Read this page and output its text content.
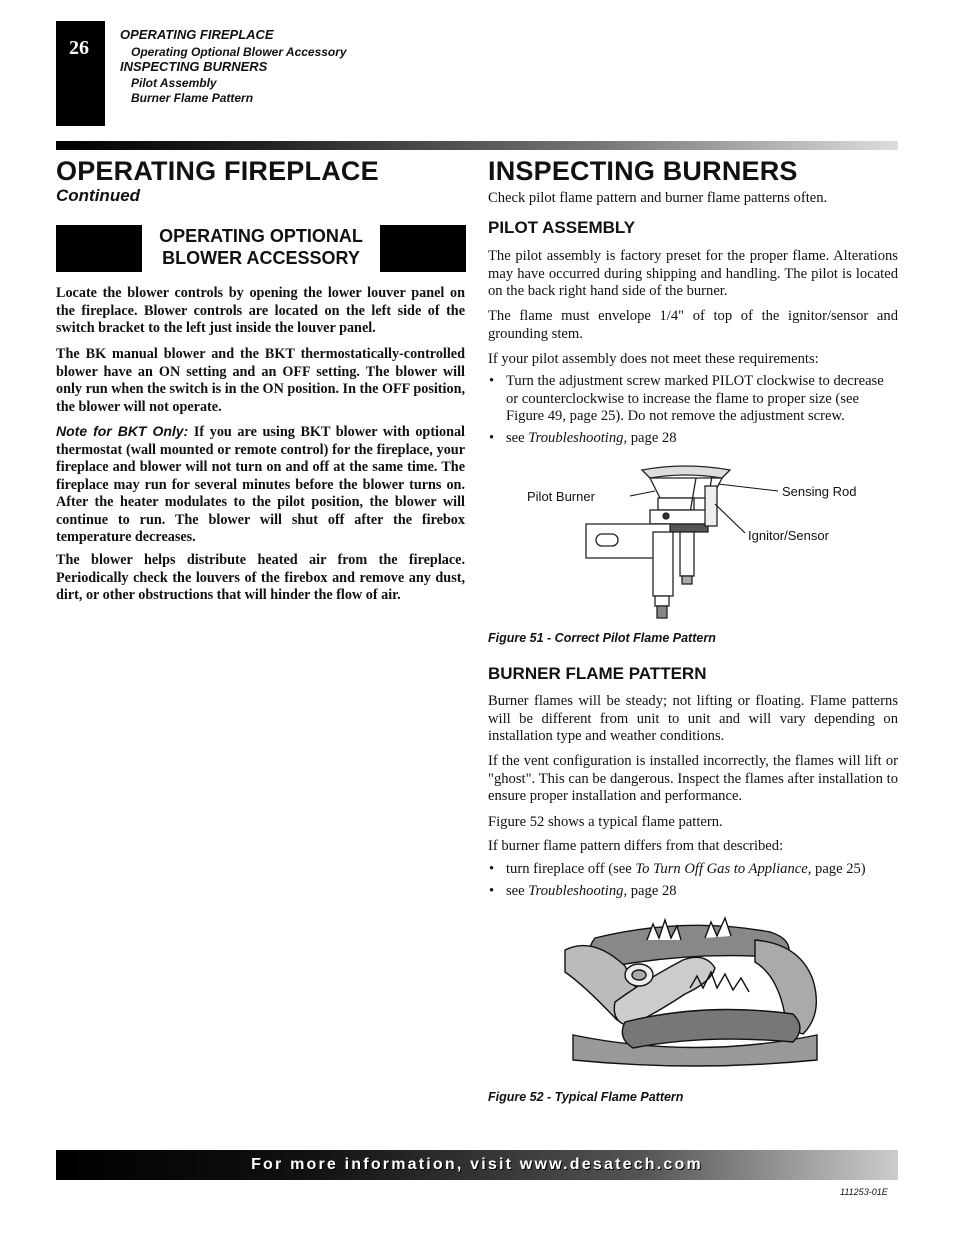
26
OPERATING FIREPLACE
Operating Optional Blower Accessory
INSPECTING BURNERS
Pilot Assembly
Burner Flame Pattern
OPERATING FIREPLACE
Continued
OPERATING OPTIONAL
BLOWER ACCESSORY

Locate the blower controls by opening the lower louver panel on the fireplace. Blower controls are located on the left side of the switch bracket to the left just inside the louver panel.

The BK manual blower and the BKT thermostatically-controlled blower have an ON setting and an OFF setting. The blower will only run when the switch is in the ON position. In the OFF position, the blower will not operate.

Note for BKT Only: If you are using BKT blower with optional thermostat (wall mounted or remote control) for the fireplace, your fireplace and blower will not turn on and off at the same time. The fireplace may run for several minutes before the blower turns on. After the heater modulates to the pilot position, the blower will continue to run. The blower will shut off after the firebox temperature decreases.

The blower helps distribute heated air from the fireplace. Periodically check the louvers of the firebox and remove any dust, dirt, or other obstructions that will hinder the flow of air.

INSPECTING BURNERS

Check pilot flame pattern and burner flame patterns often.

PILOT ASSEMBLY

The pilot assembly is factory preset for the proper flame. Alterations may have occurred during shipping and handling. The pilot is located on the back right hand side of the burner.

The flame must envelope 1/4" of top of the ignitor/sensor and grounding stem.

If your pilot assembly does not meet these requirements:

• Turn the adjustment screw marked PILOT clockwise to decrease or counterclockwise to increase the flame to proper size (see Figure 49, page 25). Do not remove the adjustment screw.

• see Troubleshooting, page 28

Pilot Burner	Sensing Rod
Ignitor/Sensor
Figure 51 - Correct Pilot Flame Pattern
BURNER FLAME PATTERN

Burner flames will be steady; not lifting or floating. Flame patterns will be different from unit to unit and will vary depending on installation type and weather conditions.

If the vent configuration is installed incorrectly, the flames will lift or "ghost". This can be dangerous. Inspect the flames after installation to ensure proper installation and performance.

Figure 52 shows a typical flame pattern.

If burner flame pattern differs from that described:

• turn fireplace off (see To Turn Off Gas to Appliance, page 25)

• see Troubleshooting, page 28

Figure 52 - Typical Flame Pattern
For more information, visit www.desatech.com
111253-01E
